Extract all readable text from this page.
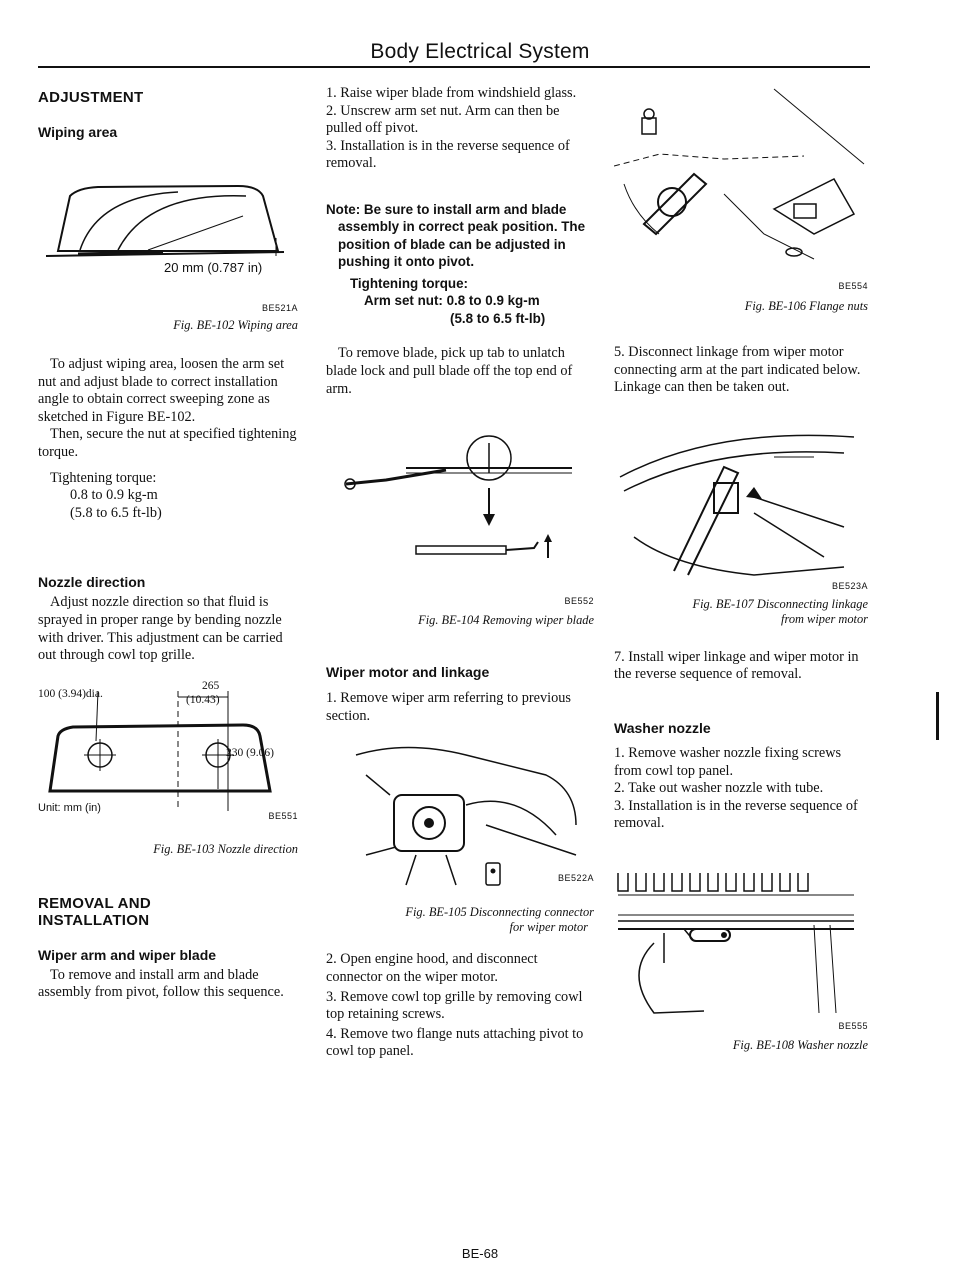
Body Electrical System
ADJUSTMENT
Wiping area
20 mm (0.787 in)
BE521A
Fig. BE-102 Wiping area

To adjust wiping area, loosen the arm set nut and adjust blade to correct installation angle to obtain correct sweeping zone as sketched in Figure BE-102.

Then, secure the nut at specified tightening torque.

Tightening torque:

0.8 to 0.9 kg-m

(5.8 to 6.5 ft-lb)

Nozzle direction

Adjust nozzle direction so that fluid is sprayed in proper range by bending nozzle with driver. This adjustment can be carried out through cowl top grille.

100 (3.94)dia.
265
(10.43)
230 (9.06)
Unit: mm (in)
BE551
Fig. BE-103 Nozzle direction
REMOVAL AND
INSTALLATION
Wiper arm and wiper blade

To remove and install arm and blade assembly from pivot, follow this sequence.

1. Raise wiper blade from windshield glass.

2. Unscrew arm set nut. Arm can then be pulled off pivot.

3. Installation is in the reverse sequence of removal.

Note: Be sure to install arm and blade assembly in correct peak position. The position of blade can be adjusted in pushing it onto pivot.
Tightening torque:
Arm set nut: 0.8 to 0.9 kg-m
(5.8 to 6.5 ft-lb)

To remove blade, pick up tab to unlatch blade lock and pull blade off the top end of arm.

BE552
Fig. BE-104 Removing wiper blade
Wiper motor and linkage

1. Remove wiper arm referring to previous section.

BE522A
Fig. BE-105 Disconnecting connector
for wiper motor

2. Open engine hood, and disconnect connector on the wiper motor.

3. Remove cowl top grille by removing cowl top retaining screws.

4. Remove two flange nuts attaching pivot to cowl top panel.

BE554
Fig. BE-106 Flange nuts

5. Disconnect linkage from wiper motor connecting arm at the part indicated below. Linkage can then be taken out.

BE523A
Fig. BE-107 Disconnecting linkage
from wiper motor

7. Install wiper linkage and wiper motor in the reverse sequence of removal.

Washer nozzle

1. Remove washer nozzle fixing screws from cowl top panel.

2. Take out washer nozzle with tube.

3. Installation is in the reverse sequence of removal.

BE555
Fig. BE-108 Washer nozzle
BE-68
